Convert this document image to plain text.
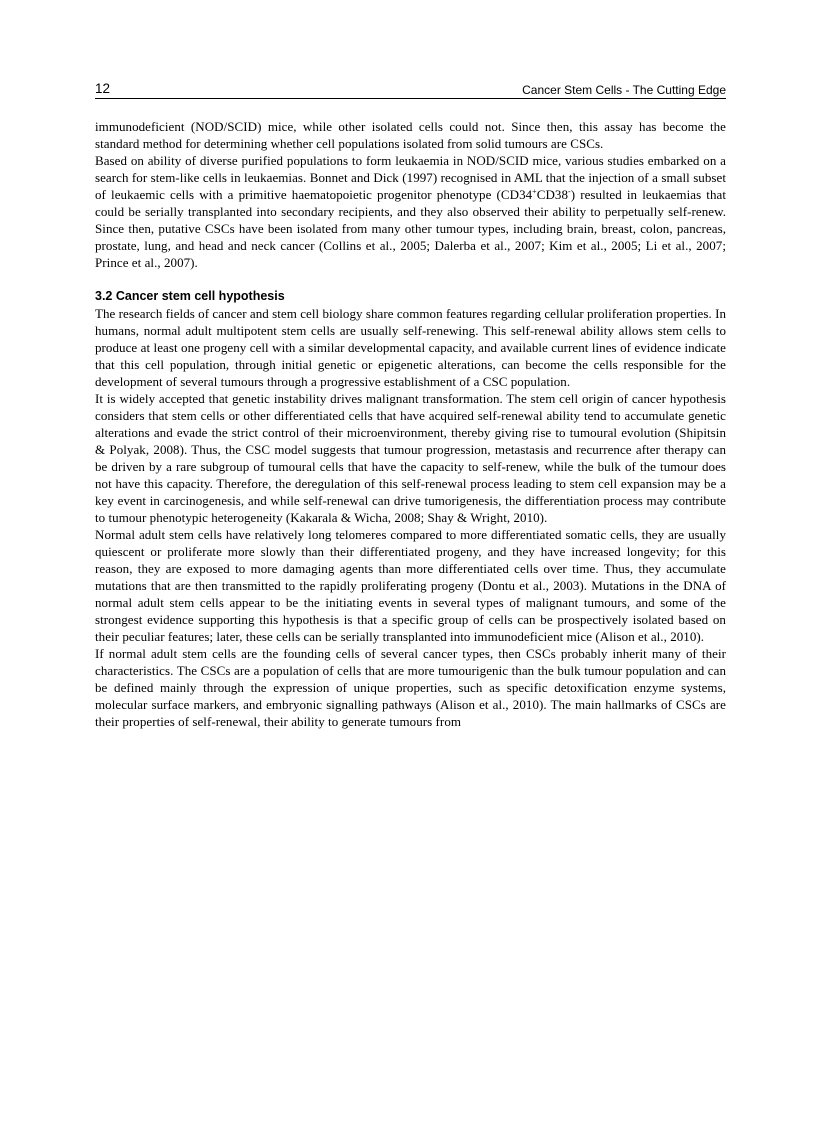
12	Cancer Stem Cells - The Cutting Edge

immunodeficient (NOD/SCID) mice, while other isolated cells could not. Since then, this assay has become the standard method for determining whether cell populations isolated from solid tumours are CSCs.

Based on ability of diverse purified populations to form leukaemia in NOD/SCID mice, various studies embarked on a search for stem-like cells in leukaemias. Bonnet and Dick (1997) recognised in AML that the injection of a small subset of leukaemic cells with a primitive haematopoietic progenitor phenotype (CD34+CD38-) resulted in leukaemias that could be serially transplanted into secondary recipients, and they also observed their ability to perpetually self-renew. Since then, putative CSCs have been isolated from many other tumour types, including brain, breast, colon, pancreas, prostate, lung, and head and neck cancer (Collins et al., 2005; Dalerba et al., 2007; Kim et al., 2005; Li et al., 2007; Prince et al., 2007).

3.2 Cancer stem cell hypothesis

The research fields of cancer and stem cell biology share common features regarding cellular proliferation properties. In humans, normal adult multipotent stem cells are usually self-renewing. This self-renewal ability allows stem cells to produce at least one progeny cell with a similar developmental capacity, and available current lines of evidence indicate that this cell population, through initial genetic or epigenetic alterations, can become the cells responsible for the development of several tumours through a progressive establishment of a CSC population.

It is widely accepted that genetic instability drives malignant transformation. The stem cell origin of cancer hypothesis considers that stem cells or other differentiated cells that have acquired self-renewal ability tend to accumulate genetic alterations and evade the strict control of their microenvironment, thereby giving rise to tumoural evolution (Shipitsin & Polyak, 2008). Thus, the CSC model suggests that tumour progression, metastasis and recurrence after therapy can be driven by a rare subgroup of tumoural cells that have the capacity to self-renew, while the bulk of the tumour does not have this capacity. Therefore, the deregulation of this self-renewal process leading to stem cell expansion may be a key event in carcinogenesis, and while self-renewal can drive tumorigenesis, the differentiation process may contribute to tumour phenotypic heterogeneity (Kakarala & Wicha, 2008; Shay & Wright, 2010).

Normal adult stem cells have relatively long telomeres compared to more differentiated somatic cells, they are usually quiescent or proliferate more slowly than their differentiated progeny, and they have increased longevity; for this reason, they are exposed to more damaging agents than more differentiated cells over time. Thus, they accumulate mutations that are then transmitted to the rapidly proliferating progeny (Dontu et al., 2003). Mutations in the DNA of normal adult stem cells appear to be the initiating events in several types of malignant tumours, and some of the strongest evidence supporting this hypothesis is that a specific group of cells can be prospectively isolated based on their peculiar features; later, these cells can be serially transplanted into immunodeficient mice (Alison et al., 2010).

If normal adult stem cells are the founding cells of several cancer types, then CSCs probably inherit many of their characteristics. The CSCs are a population of cells that are more tumourigenic than the bulk tumour population and can be defined mainly through the expression of unique properties, such as specific detoxification enzyme systems, molecular surface markers, and embryonic signalling pathways (Alison et al., 2010). The main hallmarks of CSCs are their properties of self-renewal, their ability to generate tumours from
